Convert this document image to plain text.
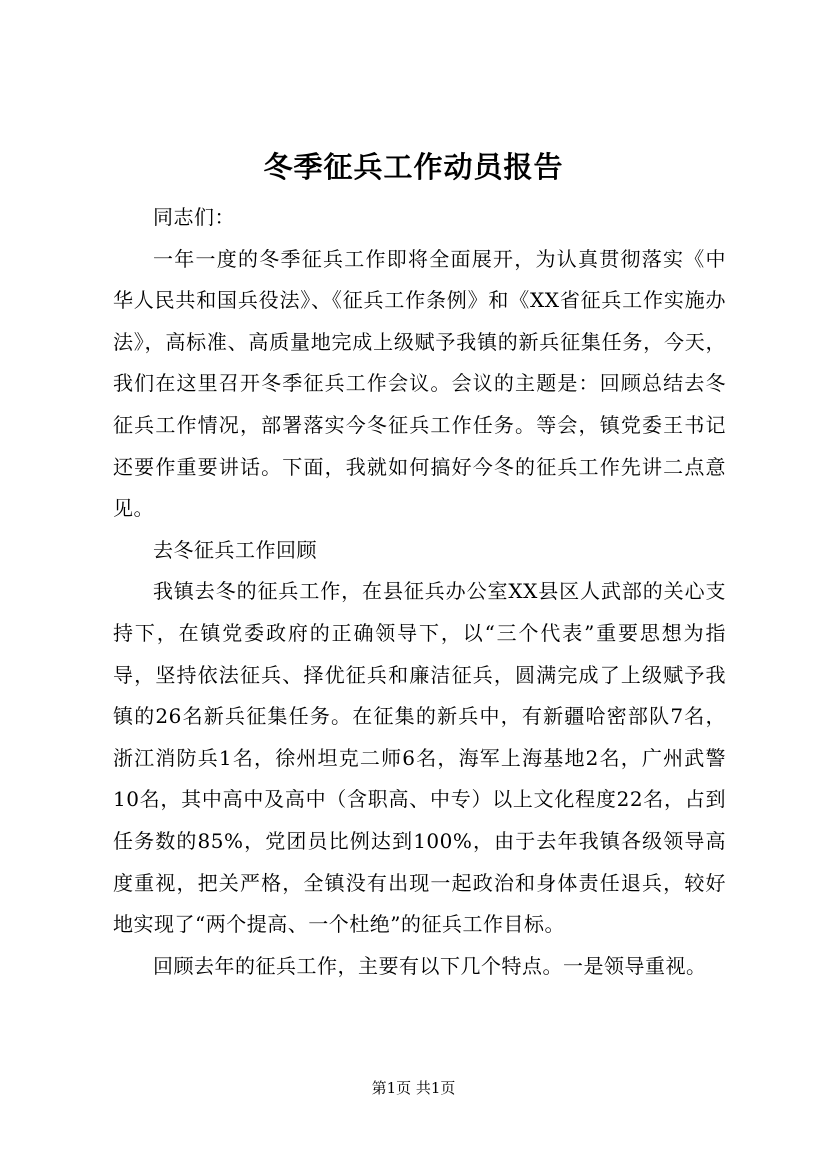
冬季征兵工作动员报告

同志们：

一年一度的冬季征兵工作即将全面展开，为认真贯彻落实《中华人民共和国兵役法》、《征兵工作条例》和《XX省征兵工作实施办法》，高标准、高质量地完成上级赋予我镇的新兵征集任务，今天，我们在这里召开冬季征兵工作会议。会议的主题是：回顾总结去冬征兵工作情况，部署落实今冬征兵工作任务。等会，镇党委王书记还要作重要讲话。下面，我就如何搞好今冬的征兵工作先讲二点意见。

去冬征兵工作回顾

我镇去冬的征兵工作，在县征兵办公室XX县区人武部的关心支持下，在镇党委政府的正确领导下，以“三个代表”重要思想为指导，坚持依法征兵、择优征兵和廉洁征兵，圆满完成了上级赋予我镇的26名新兵征集任务。在征集的新兵中，有新疆哈密部队7名，浙江消防兵1名，徐州坦克二师6名，海军上海基地2名，广州武警10名，其中高中及高中（含职高、中专）以上文化程度22名，占到任务数的85%，党团员比例达到100%，由于去年我镇各级领导高度重视，把关严格，全镇没有出现一起政治和身体责任退兵，较好地实现了“两个提高、一个杜绝”的征兵工作目标。

回顾去年的征兵工作，主要有以下几个特点。一是领导重视。

第1页 共1页
